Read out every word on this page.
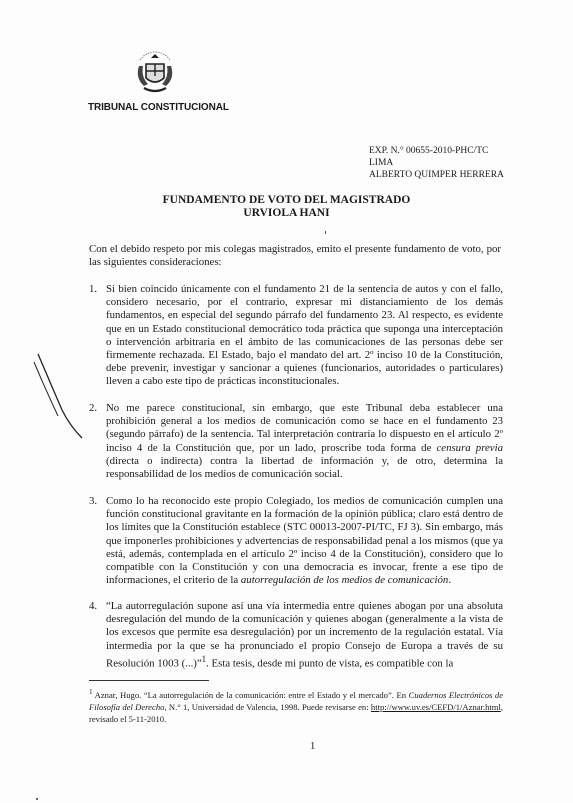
TRIBUNAL CONSTITUCIONAL
EXP. N.° 00655-2010-PHC/TC
LIMA
ALBERTO QUIMPER HERRERA
FUNDAMENTO DE VOTO DEL MAGISTRADO
URVIOLA HANI
Con el debido respeto por mis colegas magistrados, emito el presente fundamento de voto, por las siguientes consideraciones:
1. Si bien coincido únicamente con el fundamento 21 de la sentencia de autos y con el fallo, considero necesario, por el contrario, expresar mi distanciamiento de los demás fundamentos, en especial del segundo párrafo del fundamento 23. Al respecto, es evidente que en un Estado constitucional democrático toda práctica que suponga una interceptación o intervención arbitraria en el ámbito de las comunicaciones de las personas debe ser firmemente rechazada. El Estado, bajo el mandato del art. 2º inciso 10 de la Constitución, debe prevenir, investigar y sancionar a quienes (funcionarios, autoridades o particulares) lleven a cabo este tipo de prácticas inconstitucionales.
2. No me parece constitucional, sin embargo, que este Tribunal deba establecer una prohibición general a los medios de comunicación como se hace en el fundamento 23 (segundo párrafo) de la sentencia. Tal interpretación contraría lo dispuesto en el artículo 2º inciso 4 de la Constitución que, por un lado, proscribe toda forma de censura previa (directa o indirecta) contra la libertad de información y, de otro, determina la responsabilidad de los medios de comunicación social.
3. Como lo ha reconocido este propio Colegiado, los medios de comunicación cumplen una función constitucional gravitante en la formación de la opinión pública; claro está dentro de los límites que la Constitución establece (STC 00013-2007-PI/TC, FJ 3). Sin embargo, más que imponerles prohibiciones y advertencias de responsabilidad penal a los mismos (que ya está, además, contemplada en el artículo 2º inciso 4 de la Constitución), considero que lo compatible con la Constitución y con una democracia es invocar, frente a ese tipo de informaciones, el criterio de la autorregulación de los medios de comunicación.
4. “La autorregulación supone así una vía intermedia entre quienes abogan por una absoluta desregulación del mundo de la comunicación y quienes abogan (generalmente a la vista de los excesos que permite esa desregulación) por un incremento de la regulación estatal. Vía intermedia por la que se ha pronunciado el propio Consejo de Europa a través de su Resolución 1003 (...)”$^1$. Esta tesis, desde mi punto de vista, es compatible con la
$^1$ Aznar, Hugo. “La autorregulación de la comunicación: entre el Estado y el mercado”. En Cuadernos Electrónicos de Filosofía del Derecho, N.° 1, Universidad de Valencia, 1998. Puede revisarse en: http://www.uv.es/CEFD/1/Aznar.html, revisado el 5-11-2010.
1
